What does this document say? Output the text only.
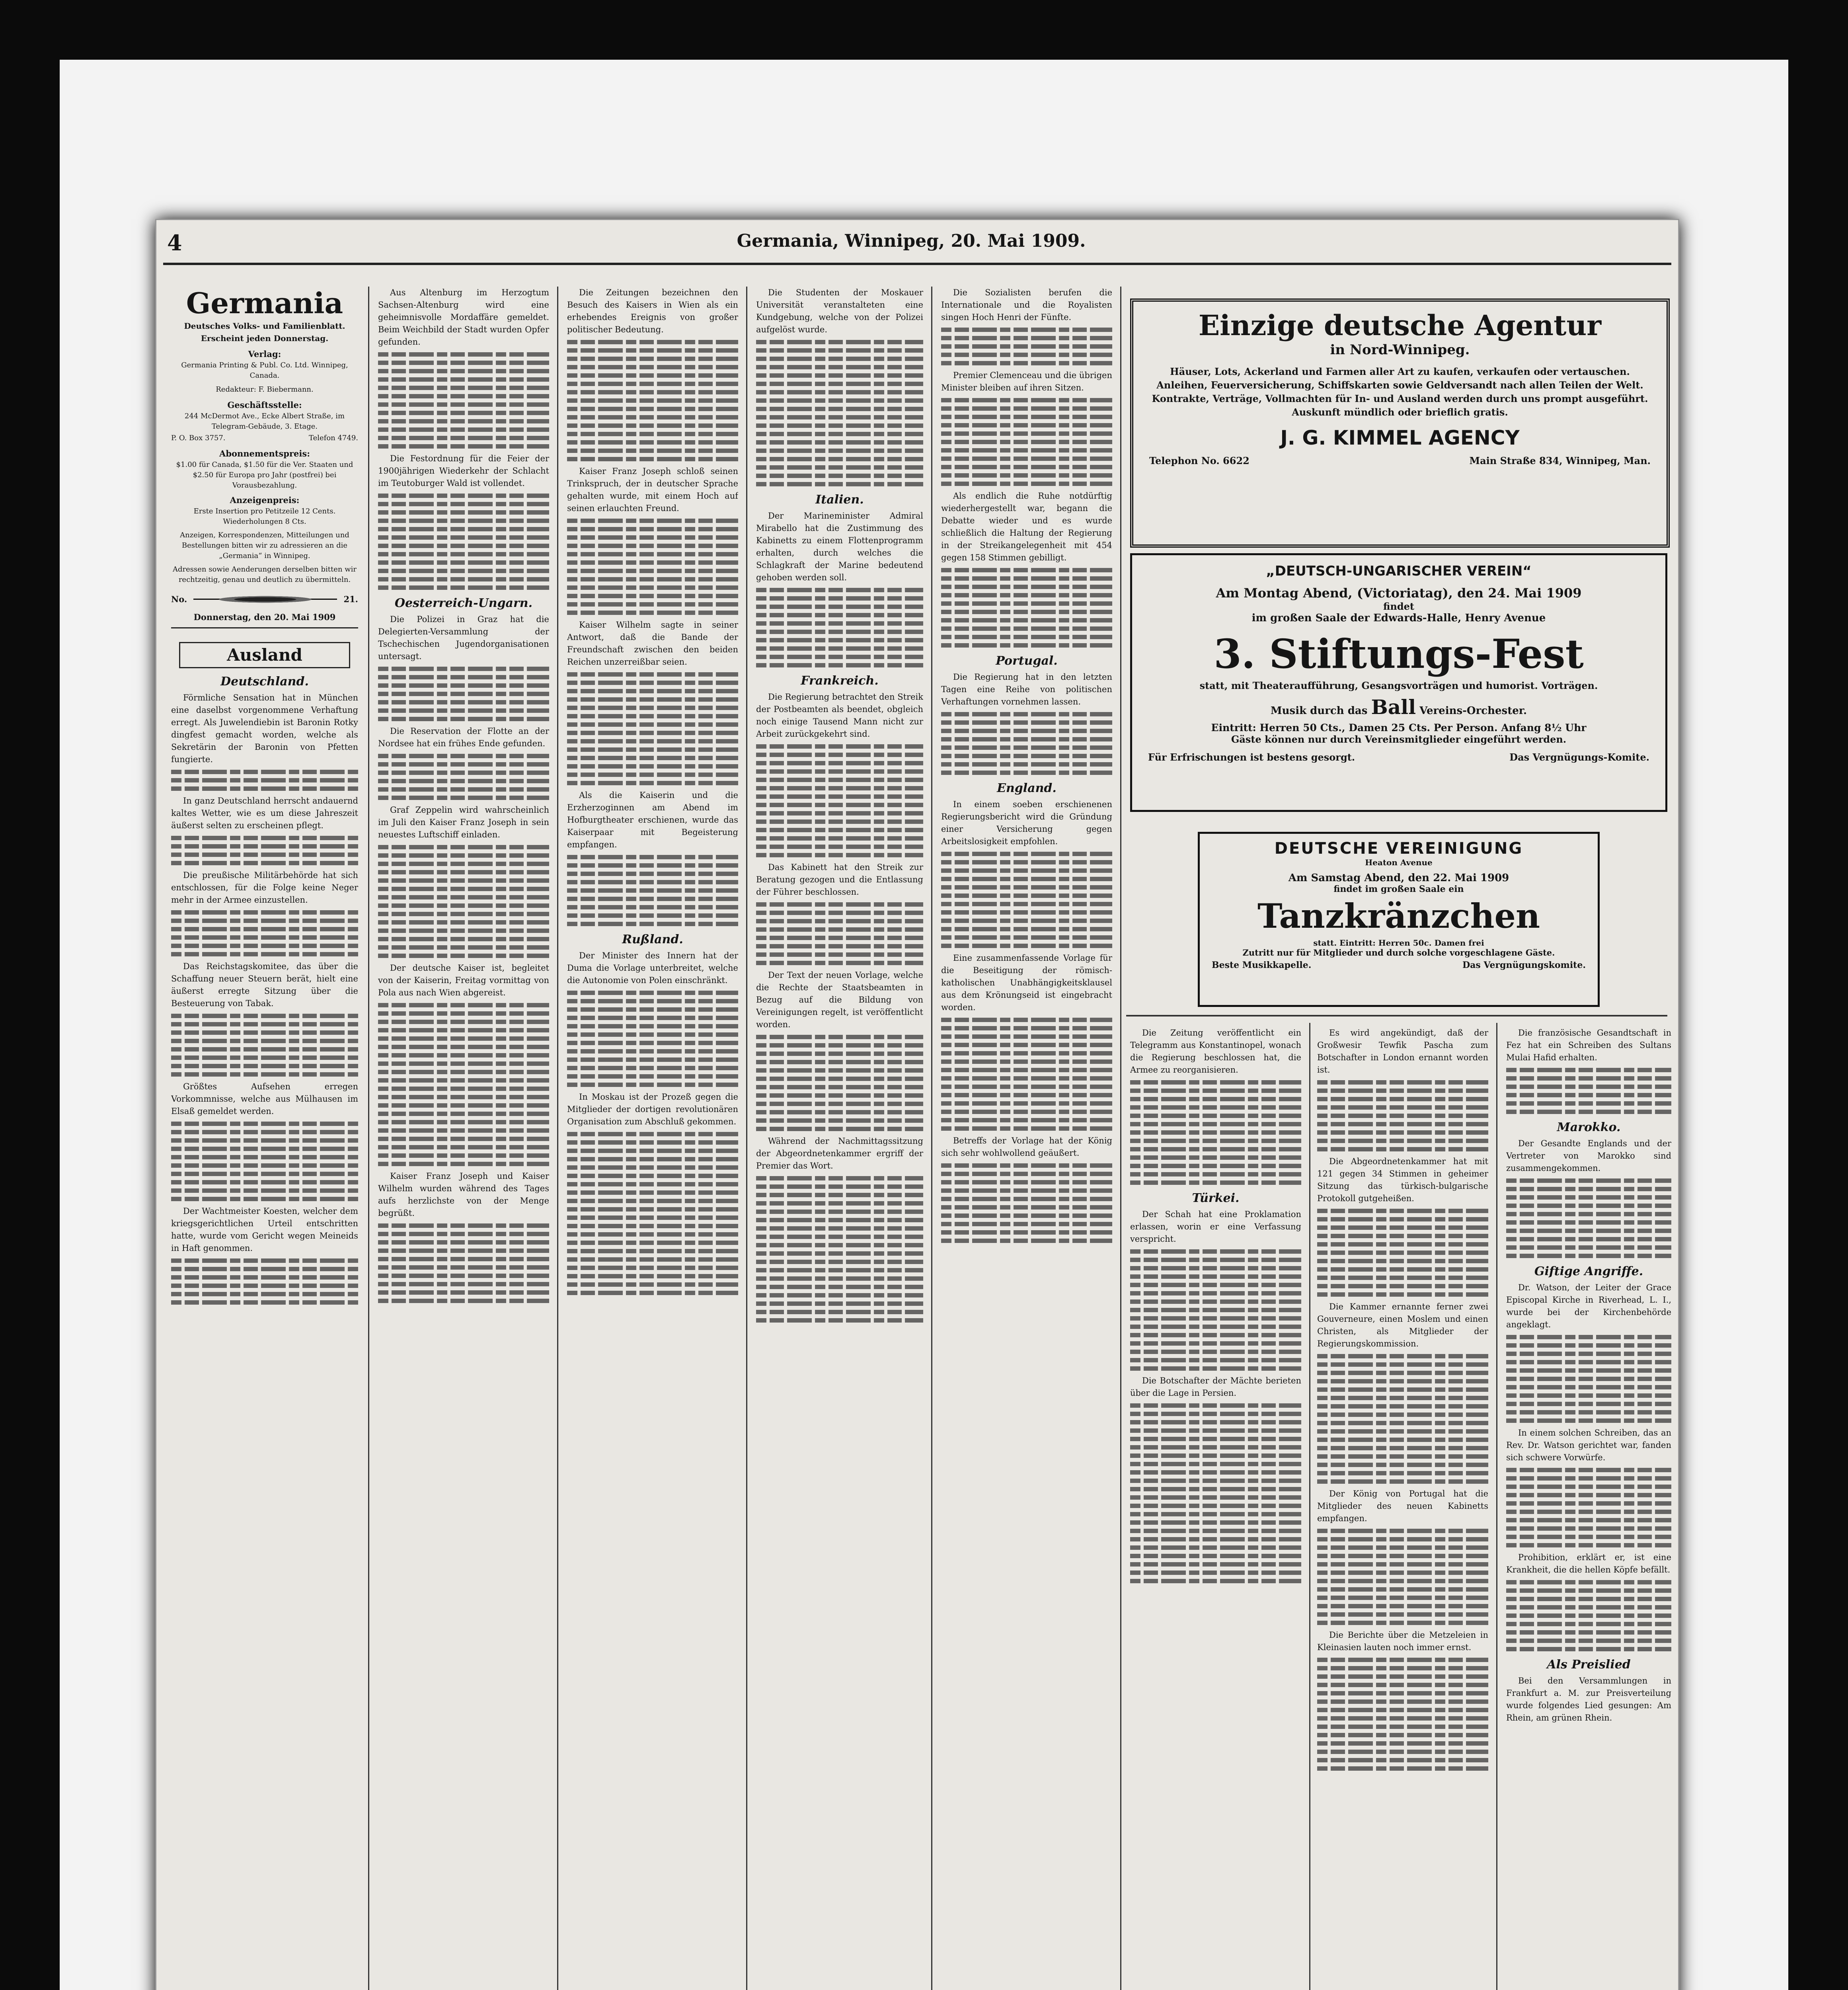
4	Germania, Winnipeg, 20. Mai 1909.
Germania
Deutsches Volks- und Familienblatt.
Erscheint jeden Donnerstag.
Verlag:
Germania Printing & Publ. Co. Ltd. Winnipeg, Canada.
Redakteur: F. Biebermann.
Geschäftsstelle:
244 McDermot Ave., Ecke Albert Straße, im Telegram-Gebäude, 3. Etage.
P. O. Box 3757.	Telefon 4749.
Abonnementspreis:
$1.00 für Canada, $1.50 für die Ver. Staaten und $2.50 für Europa pro Jahr (postfrei) bei Vorausbezahlung.
Anzeigenpreis:
Erste Insertion pro Petitzeile 12 Cents. Wiederholungen 8 Cts.
Anzeigen, Korrespondenzen, Mitteilungen und Bestellungen bitten wir zu adressieren an die „Germania“ in Winnipeg.
Adressen sowie Aenderungen derselben bitten wir rechtzeitig, genau und deutlich zu übermitteln.
No.	21.
Donnerstag, den 20. Mai 1909
Ausland
Deutschland.

Förmliche Sensation hat in München eine daselbst vorgenommene Verhaftung erregt. Als Juwelendiebin ist Baronin Rotky dingfest gemacht worden, welche als Sekretärin der Baronin von Pfetten fungierte.

In ganz Deutschland herrscht andauernd kaltes Wetter, wie es um diese Jahreszeit äußerst selten zu erscheinen pflegt.

Die preußische Militärbehörde hat sich entschlossen, für die Folge keine Neger mehr in der Armee einzustellen.

Das Reichstagskomitee, das über die Schaffung neuer Steuern berät, hielt eine äußerst erregte Sitzung über die Besteuerung von Tabak.

Größtes Aufsehen erregen Vorkommnisse, welche aus Mülhausen im Elsaß gemeldet werden.

Der Wachtmeister Koesten, welcher dem kriegsgerichtlichen Urteil entschritten hatte, wurde vom Gericht wegen Meineids in Haft genommen.

Aus Altenburg im Herzogtum Sachsen-Altenburg wird eine geheimnisvolle Mordaffäre gemeldet. Beim Weichbild der Stadt wurden Opfer gefunden.

Die Festordnung für die Feier der 1900jährigen Wiederkehr der Schlacht im Teutoburger Wald ist vollendet.

Oesterreich-Ungarn.

Die Polizei in Graz hat die Delegierten-Versammlung der Tschechischen Jugendorganisationen untersagt.

Die Reservation der Flotte an der Nordsee hat ein frühes Ende gefunden.

Graf Zeppelin wird wahrscheinlich im Juli den Kaiser Franz Joseph in sein neuestes Luftschiff einladen.

Der deutsche Kaiser ist, begleitet von der Kaiserin, Freitag vormittag von Pola aus nach Wien abgereist.

Kaiser Franz Joseph und Kaiser Wilhelm wurden während des Tages aufs herzlichste von der Menge begrüßt.

Die Zeitungen bezeichnen den Besuch des Kaisers in Wien als ein erhebendes Ereignis von großer politischer Bedeutung.

Kaiser Franz Joseph schloß seinen Trinkspruch, der in deutscher Sprache gehalten wurde, mit einem Hoch auf seinen erlauchten Freund.

Kaiser Wilhelm sagte in seiner Antwort, daß die Bande der Freundschaft zwischen den beiden Reichen unzerreißbar seien.

Als die Kaiserin und die Erzherzoginnen am Abend im Hofburgtheater erschienen, wurde das Kaiserpaar mit Begeisterung empfangen.

Rußland.

Der Minister des Innern hat der Duma die Vorlage unterbreitet, welche die Autonomie von Polen einschränkt.

In Moskau ist der Prozeß gegen die Mitglieder der dortigen revolutionären Organisation zum Abschluß gekommen.

Die Studenten der Moskauer Universität veranstalteten eine Kundgebung, welche von der Polizei aufgelöst wurde.

Italien.

Der Marineminister Admiral Mirabello hat die Zustimmung des Kabinetts zu einem Flottenprogramm erhalten, durch welches die Schlagkraft der Marine bedeutend gehoben werden soll.

Frankreich.

Die Regierung betrachtet den Streik der Postbeamten als beendet, obgleich noch einige Tausend Mann nicht zur Arbeit zurückgekehrt sind.

Das Kabinett hat den Streik zur Beratung gezogen und die Entlassung der Führer beschlossen.

Der Text der neuen Vorlage, welche die Rechte der Staatsbeamten in Bezug auf die Bildung von Vereinigungen regelt, ist veröffentlicht worden.

Während der Nachmittagssitzung der Abgeordnetenkammer ergriff der Premier das Wort.

Die Sozialisten berufen die Internationale und die Royalisten singen Hoch Henri der Fünfte.

Premier Clemenceau und die übrigen Minister bleiben auf ihren Sitzen.

Als endlich die Ruhe notdürftig wiederhergestellt war, begann die Debatte wieder und es wurde schließlich die Haltung der Regierung in der Streikangelegenheit mit 454 gegen 158 Stimmen gebilligt.

Portugal.

Die Regierung hat in den letzten Tagen eine Reihe von politischen Verhaftungen vornehmen lassen.

England.

In einem soeben erschienenen Regierungsbericht wird die Gründung einer Versicherung gegen Arbeitslosigkeit empfohlen.

Eine zusammenfassende Vorlage für die Beseitigung der römisch-katholischen Unabhängigkeitsklausel aus dem Krönungseid ist eingebracht worden.

Betreffs der Vorlage hat der König sich sehr wohlwollend geäußert.

Einzige deutsche Agentur
in Nord-Winnipeg.
Häuser, Lots, Ackerland und Farmen aller Art zu kaufen, verkaufen oder vertauschen. Anleihen, Feuerversicherung, Schiffskarten sowie Geldversandt nach allen Teilen der Welt. Kontrakte, Verträge, Vollmachten für In- und Ausland werden durch uns prompt ausgeführt. Auskunft mündlich oder brieflich gratis.
J. G. KIMMEL AGENCY
Telephon No. 6622	Main Straße 834, Winnipeg, Man.
„DEUTSCH-UNGARISCHER VEREIN“
Am Montag Abend, (Victoriatag), den 24. Mai 1909
findet
im großen Saale der Edwards-Halle, Henry Avenue
3. Stiftungs-Fest
statt, mit Theateraufführung, Gesangsvorträgen und humorist. Vorträgen.
Musik durch das Ball Vereins-Orchester.
Eintritt: Herren 50 Cts., Damen 25 Cts. Per Person. Anfang 8½ Uhr
Gäste können nur durch Vereinsmitglieder eingeführt werden.
Für Erfrischungen ist bestens gesorgt.	Das Vergnügungs-Komite.
DEUTSCHE VEREINIGUNG
Heaton Avenue
Am Samstag Abend, den 22. Mai 1909
findet im großen Saale ein
Tanzkränzchen
statt. Eintritt: Herren 50c. Damen frei
Zutritt nur für Mitglieder und durch solche vorgeschlagene Gäste.
Beste Musikkapelle.	Das Vergnügungskomite.

Die Zeitung veröffentlicht ein Telegramm aus Konstantinopel, wonach die Regierung beschlossen hat, die Armee zu reorganisieren.

Türkei.

Der Schah hat eine Proklamation erlassen, worin er eine Verfassung verspricht.

Die Botschafter der Mächte berieten über die Lage in Persien.

Es wird angekündigt, daß der Großwesir Tewfik Pascha zum Botschafter in London ernannt worden ist.

Die Abgeordnetenkammer hat mit 121 gegen 34 Stimmen in geheimer Sitzung das türkisch-bulgarische Protokoll gutgeheißen.

Die Kammer ernannte ferner zwei Gouverneure, einen Moslem und einen Christen, als Mitglieder der Regierungskommission.

Der König von Portugal hat die Mitglieder des neuen Kabinetts empfangen.

Die Berichte über die Metzeleien in Kleinasien lauten noch immer ernst.

Die französische Gesandtschaft in Fez hat ein Schreiben des Sultans Mulai Hafid erhalten.

Marokko.

Der Gesandte Englands und der Vertreter von Marokko sind zusammengekommen.

Giftige Angriffe.

Dr. Watson, der Leiter der Grace Episcopal Kirche in Riverhead, L. I., wurde bei der Kirchenbehörde angeklagt.

In einem solchen Schreiben, das an Rev. Dr. Watson gerichtet war, fanden sich schwere Vorwürfe.

Prohibition, erklärt er, ist eine Krankheit, die die hellen Köpfe befällt.

Als Preislied

Bei den Versammlungen in Frankfurt a. M. zur Preisverteilung wurde folgendes Lied gesungen: Am Rhein, am grünen Rhein.
